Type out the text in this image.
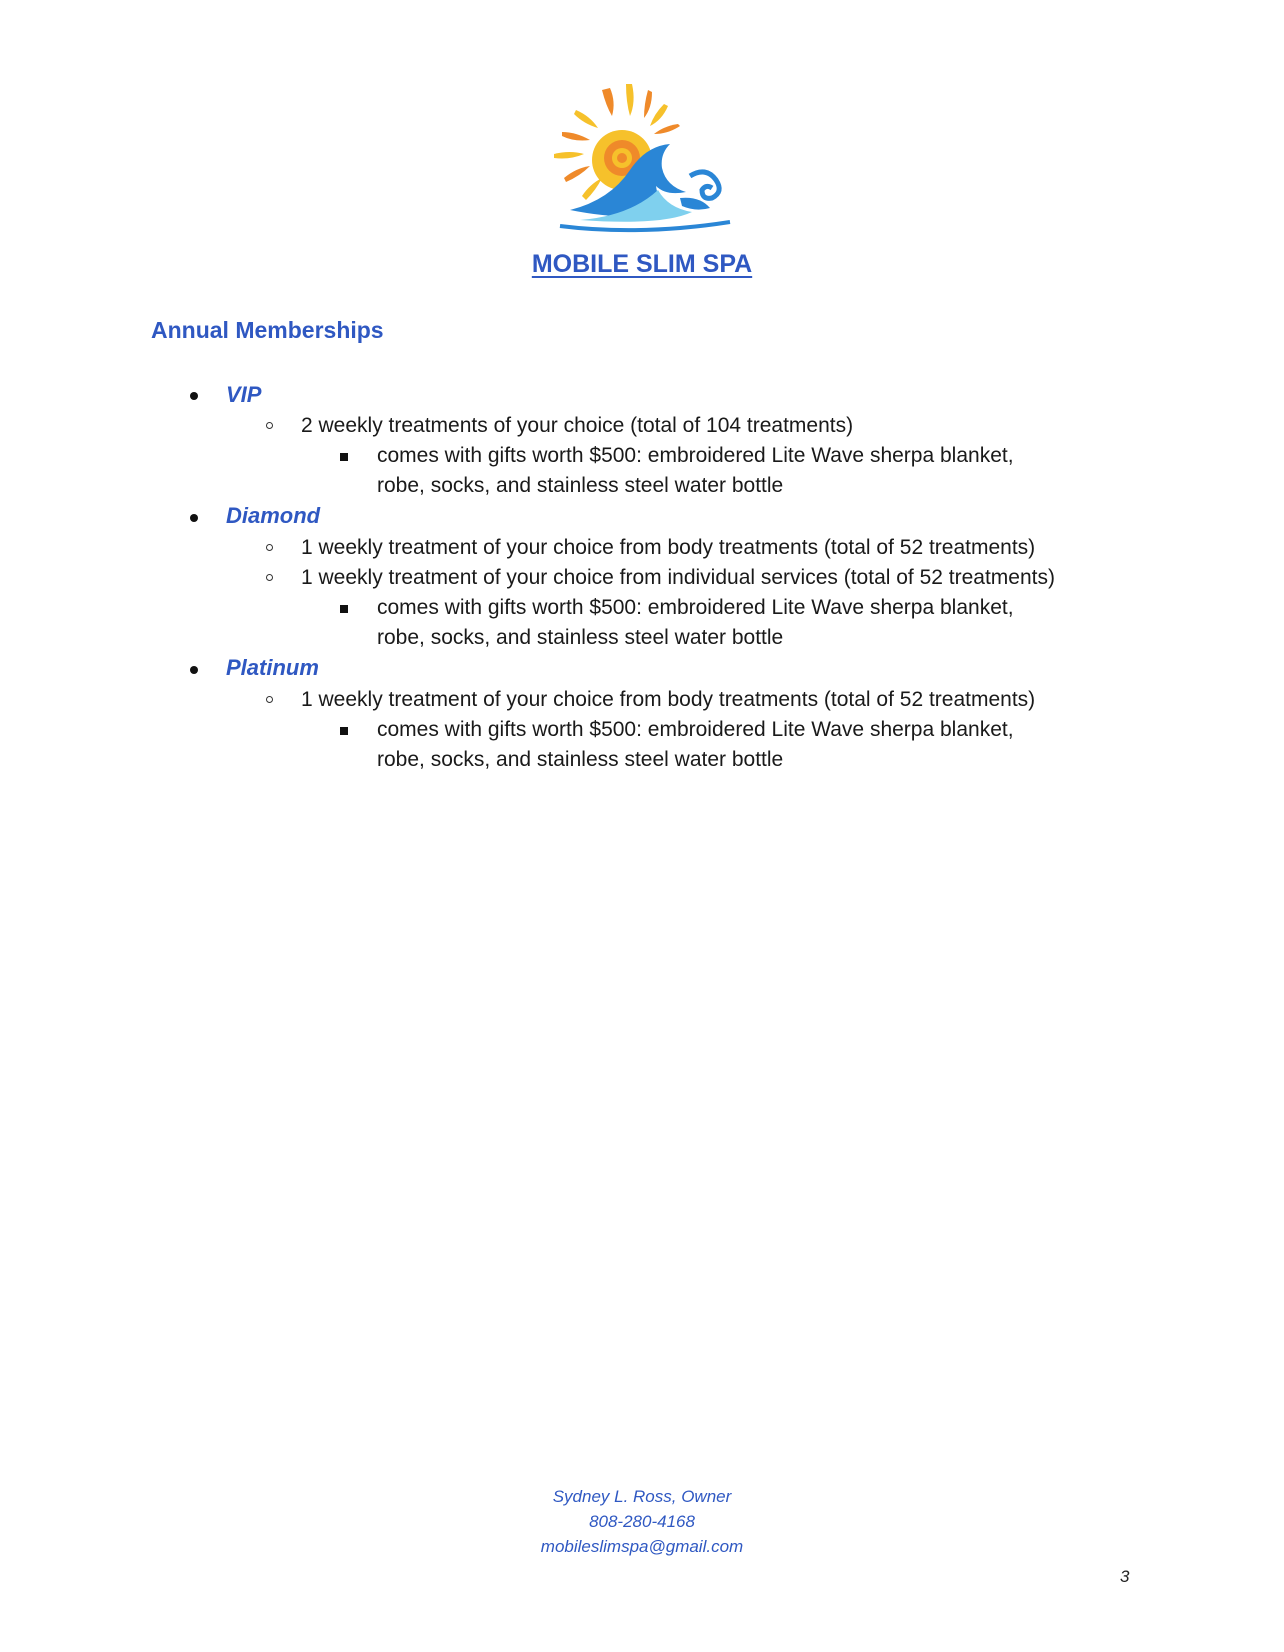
MOBILE SLIM SPA
Annual Memberships
VIP
2 weekly treatments of your choice (total of 104 treatments)
comes with gifts worth $500: embroidered Lite Wave sherpa blanket,
robe, socks, and stainless steel water bottle
Diamond
1 weekly treatment of your choice from body treatments (total of 52 treatments)
1 weekly treatment of your choice from individual services (total of 52 treatments)
comes with gifts worth $500: embroidered Lite Wave sherpa blanket,
robe, socks, and stainless steel water bottle
Platinum
1 weekly treatment of your choice from body treatments (total of 52 treatments)
comes with gifts worth $500: embroidered Lite Wave sherpa blanket,
robe, socks, and stainless steel water bottle
Sydney L. Ross, Owner
808-280-4168
mobileslimspa@gmail.com
3
